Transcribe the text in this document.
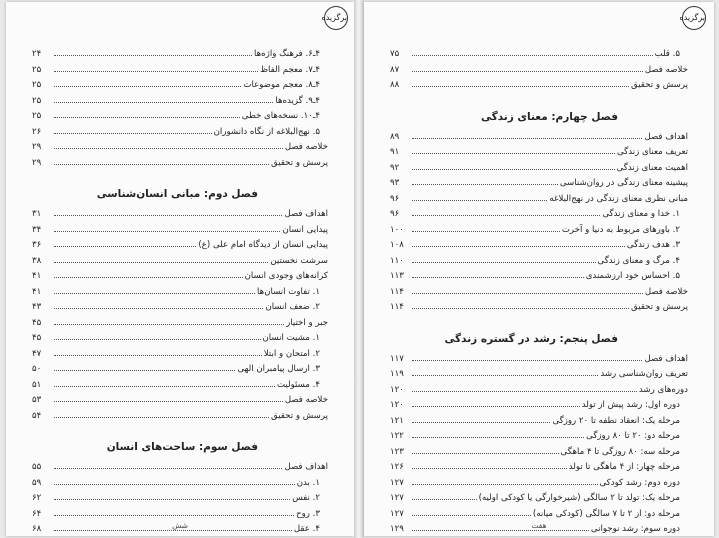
برگزیده
۴ـ۶. فرهنگ واژه‌ها
۲۴
۴ـ۷. معجم الفاظ
۲۵
۴ـ۸. معجم موضوعات
۲۵
۴ـ۹. گزیده‌ها
۲۵
۴ـ۱۰. نسخه‌های خطی
۲۵
۵. نهج‌البلاغه از نگاه دانشوران
۲۶
خلاصه فصل
۲۹
پرسش و تحقیق
۲۹
فصل دوم: مبانی انسان‌شناسی
اهداف فصل
۳۱
پیدایی انسان
۳۴
پیدایی انسان از دیدگاه امام علی (ع)
۳۶
سرشت نخستین
۳۸
کرانه‌های وجودی انسان
۴۱
۱. تفاوت انسان‌ها
۴۱
۲. ضعف انسان
۴۳
جبر و اختیار
۴۵
۱. مشیت انسان
۴۵
۲. امتحان و ابتلا
۴۷
۳. ارسال پیامبران الهی
۵۰
۴. مسئولیت
۵۱
خلاصه فصل
۵۳
پرسش و تحقیق
۵۴
فصل سوم: ساحت‌های انسان
اهداف فصل
۵۵
۱. بدن
۵۹
۲. نفس
۶۲
۳. روح
۶۴
۴. عقل
۶۸	شش
برگزیده
۵. قلب
۷۵
خلاصه فصل
۸۷
پرسش و تحقیق
۸۸
فصل چهارم: معنای زندگی
اهداف فصل
۸۹
تعریف معنای زندگی
۹۱
اهمیت معنای زندگی
۹۲
پیشینه معنای زندگی در روان‌شناسی
۹۳
مبانی نظری معنای زندگی در نهج‌البلاغه
۹۶
۱. خدا و معنای زندگی
۹۶
۲. باورهای مربوط به دنیا و آخرت
۱۰۰
۳. هدف زندگی
۱۰۸
۴. مرگ و معنای زندگی
۱۱۰
۵. احساس خود ارزشمندی
۱۱۳
خلاصه فصل
۱۱۴
پرسش و تحقیق
۱۱۴
فصل پنجم: رشد در گستره زندگی
اهداف فصل
۱۱۷
تعریف روان‌شناسی رشد
۱۱۹
دوره‌های رشد
۱۲۰
دوره اول: رشد پیش از تولد
۱۲۰
مرحله یک: انعقاد نطفه تا ۲۰ روزگی
۱۲۱
مرحله دو: ۲۰ تا ۸۰ روزگی
۱۲۲
مرحله سه: ۸۰ روزگی تا ۴ ماهگی
۱۲۳
مرحله چهار: از ۴ ماهگی تا تولد
۱۲۶
دوره دوم: رشد کودکی
۱۲۷
مرحله یک: تولد تا ۲ سالگی (شیرخوارگی یا کودکی اولیه)
۱۲۷
مرحله دو: از ۲ تا ۷ سالگی (کودکی میانه)
۱۲۷
دوره سوم: رشد نوجوانی
۱۲۹	هفت
